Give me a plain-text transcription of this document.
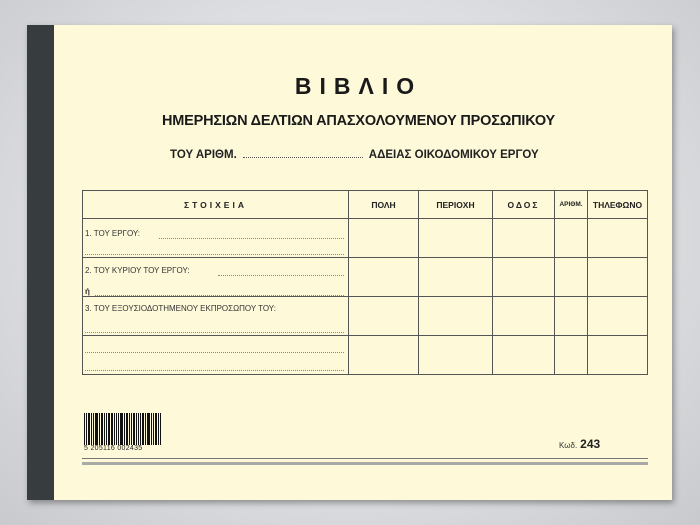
ΒΙΒΛΙΟ
ΗΜΕΡΗΣΙΩΝ ΔΕΛΤΙΩΝ ΑΠΑΣΧΟΛΟΥΜΕΝΟΥ ΠΡΟΣΩΠΙΚΟΥ
ΤΟΥ ΑΡΙΘΜ.	ΑΔΕΙΑΣ ΟΙΚΟΔΟΜΙΚΟΥ ΕΡΓΟΥ
ΣΤΟΙΧΕΙΑ	ΠΟΛΗ	ΠΕΡΙΟΧΗ	ΟΔΟΣ	ΑΡΙΘΜ.	ΤΗΛΕΦΩΝΟ

1. ΤΟΥ ΕΡΓΟΥ:					

2. ΤΟΥ ΚΥΡΙΟΥ ΤΟΥ ΕΡΓΟΥ:
ή					

3. ΤΟΥ ΕΞΟΥΣΙΟΔΟΤΗΜΕΝΟΥ ΕΚΠΡΟΣΩΠΟΥ ΤΟΥ:					

5 205116 002435	Κωδ. 243
